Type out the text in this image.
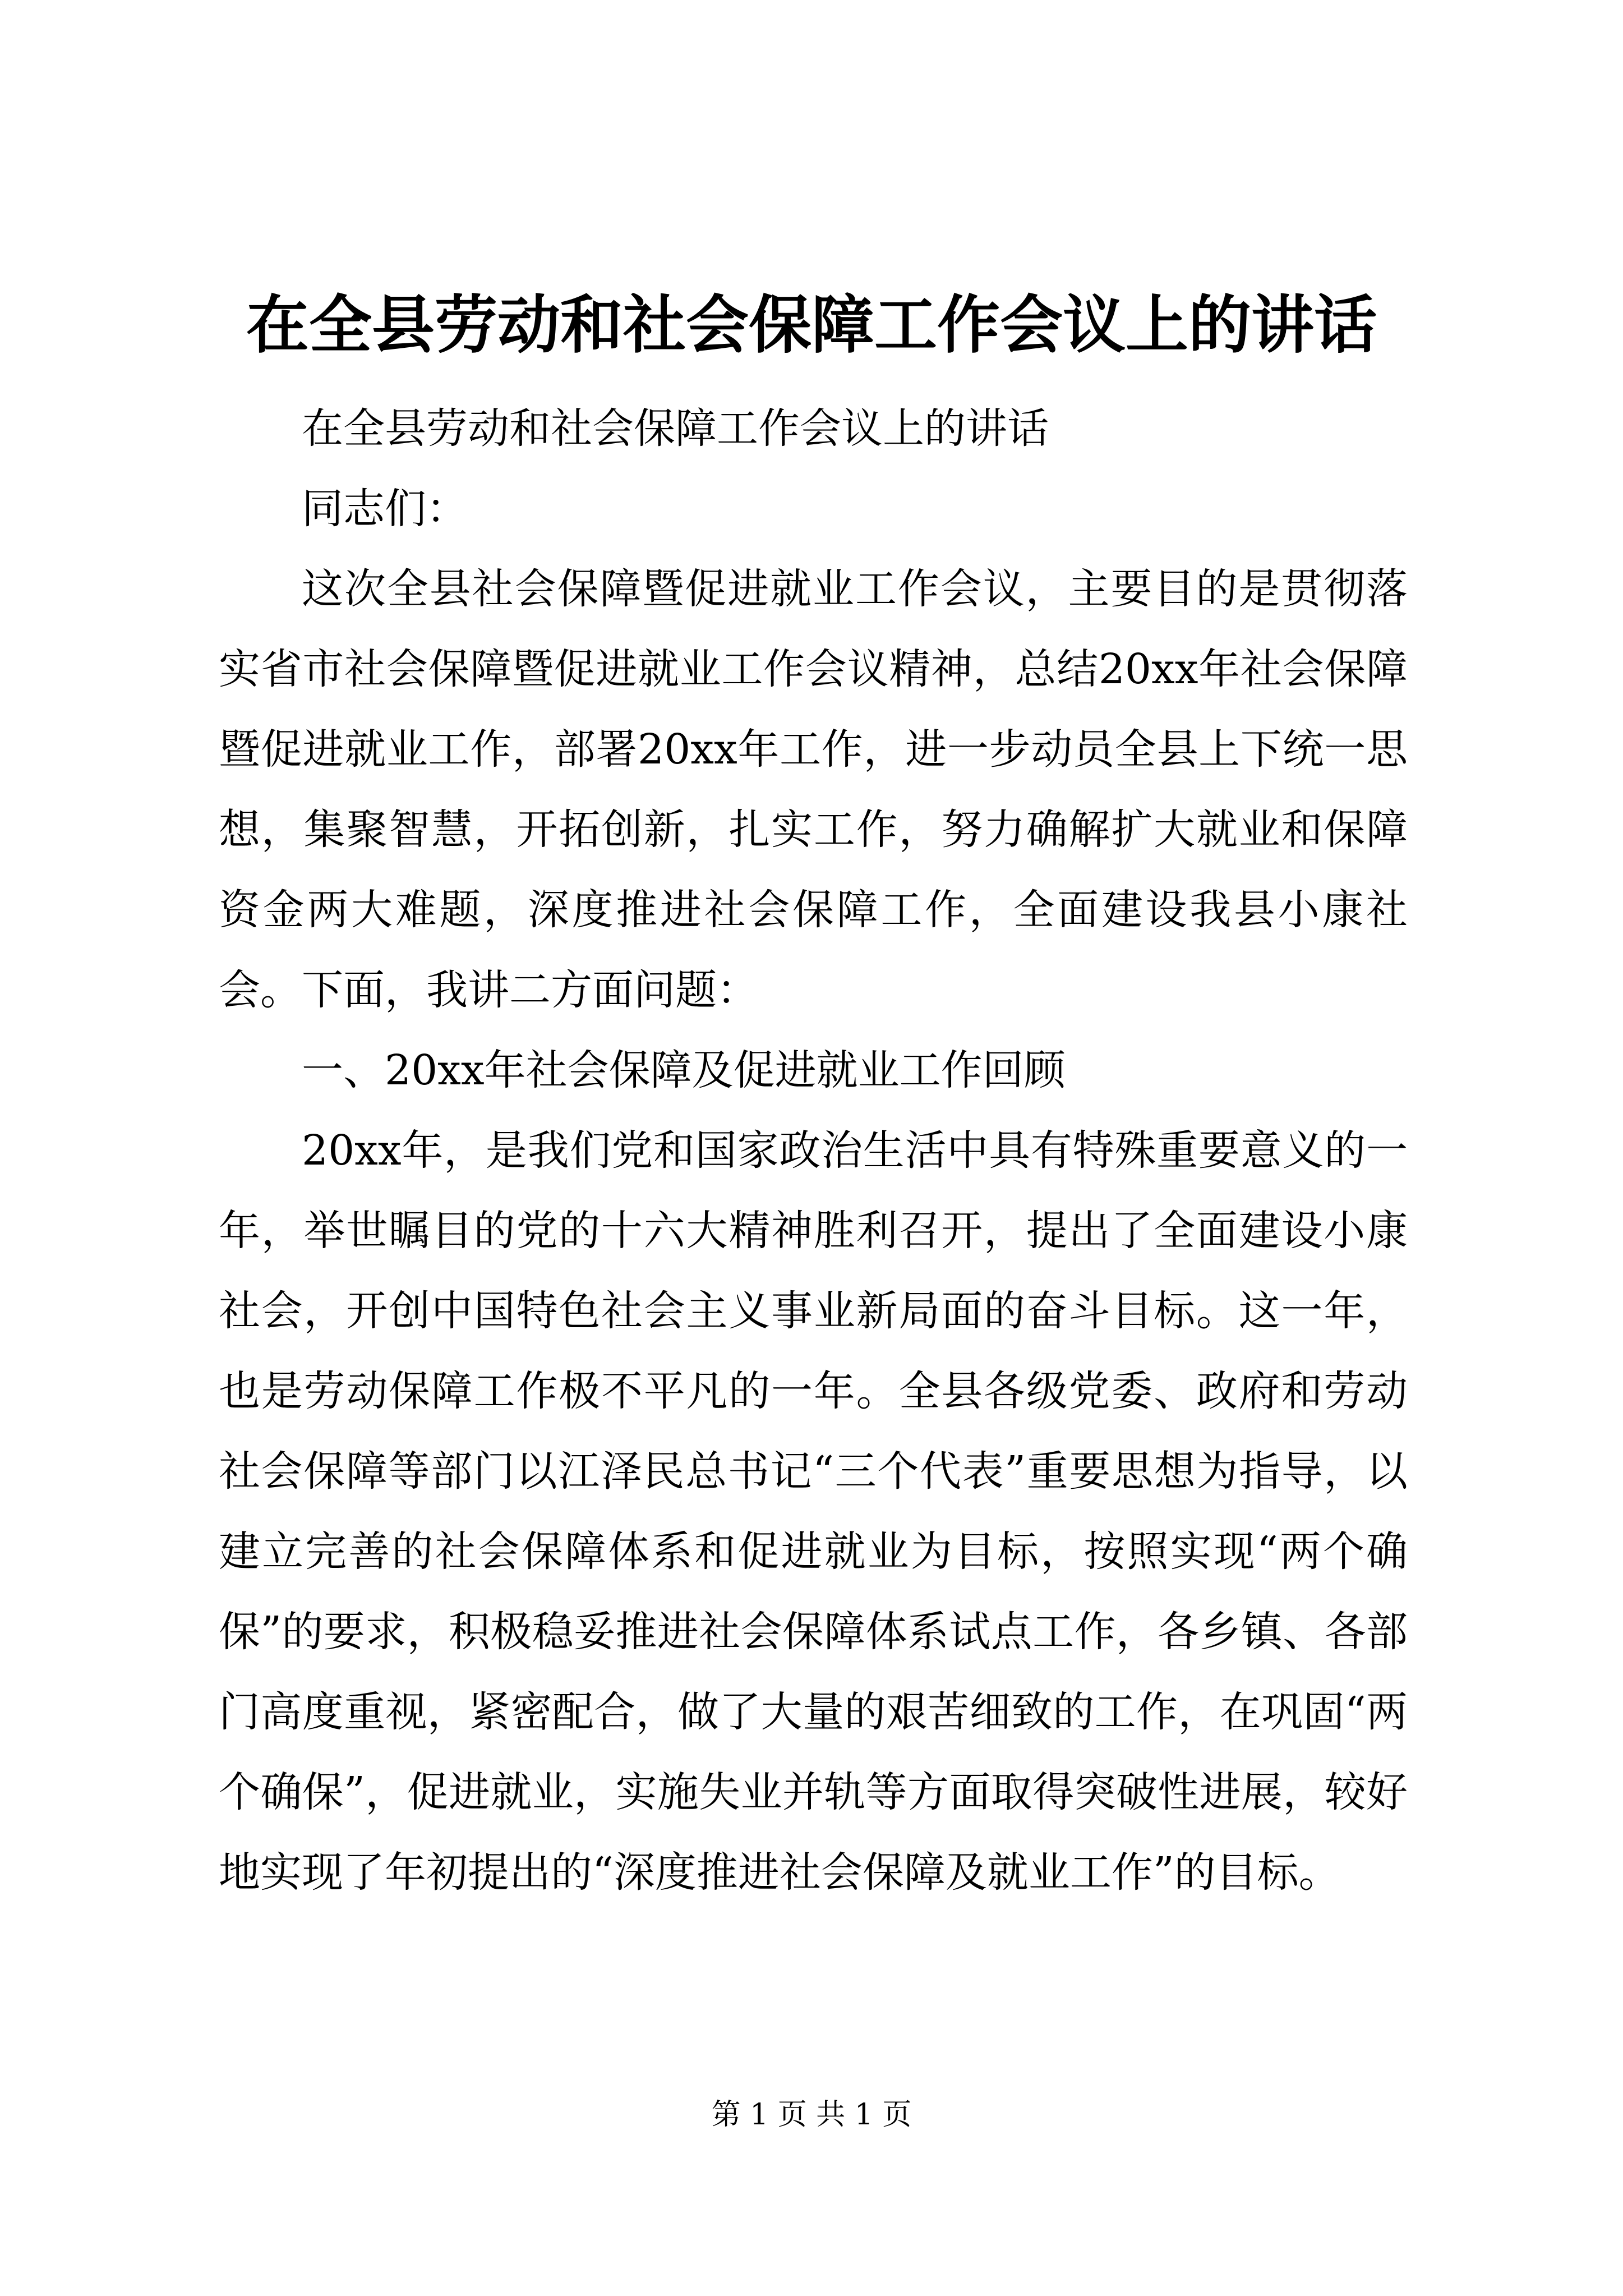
在全县劳动和社会保障工作会议上的讲话

在全县劳动和社会保障工作会议上的讲话

同志们：

这次全县社会保障暨促进就业工作会议，主要目的是贯彻落实省市社会保障暨促进就业工作会议精神，总结20xx年社会保障暨促进就业工作，部署20xx年工作，进一步动员全县上下统一思想，集聚智慧，开拓创新，扎实工作，努力确解扩大就业和保障资金两大难题，深度推进社会保障工作，全面建设我县小康社会。下面，我讲二方面问题：

一、20xx年社会保障及促进就业工作回顾

20xx年，是我们党和国家政治生活中具有特殊重要意义的一年，举世瞩目的党的十六大精神胜利召开，提出了全面建设小康社会，开创中国特色社会主义事业新局面的奋斗目标。这一年，也是劳动保障工作极不平凡的一年。全县各级党委、政府和劳动社会保障等部门以江泽民总书记“三个代表”重要思想为指导，以建立完善的社会保障体系和促进就业为目标，按照实现“两个确保”的要求，积极稳妥推进社会保障体系试点工作，各乡镇、各部门高度重视，紧密配合，做了大量的艰苦细致的工作，在巩固“两个确保”，促进就业，实施失业并轨等方面取得突破性进展，较好地实现了年初提出的“深度推进社会保障及就业工作”的目标。

第 1 页 共 1 页
